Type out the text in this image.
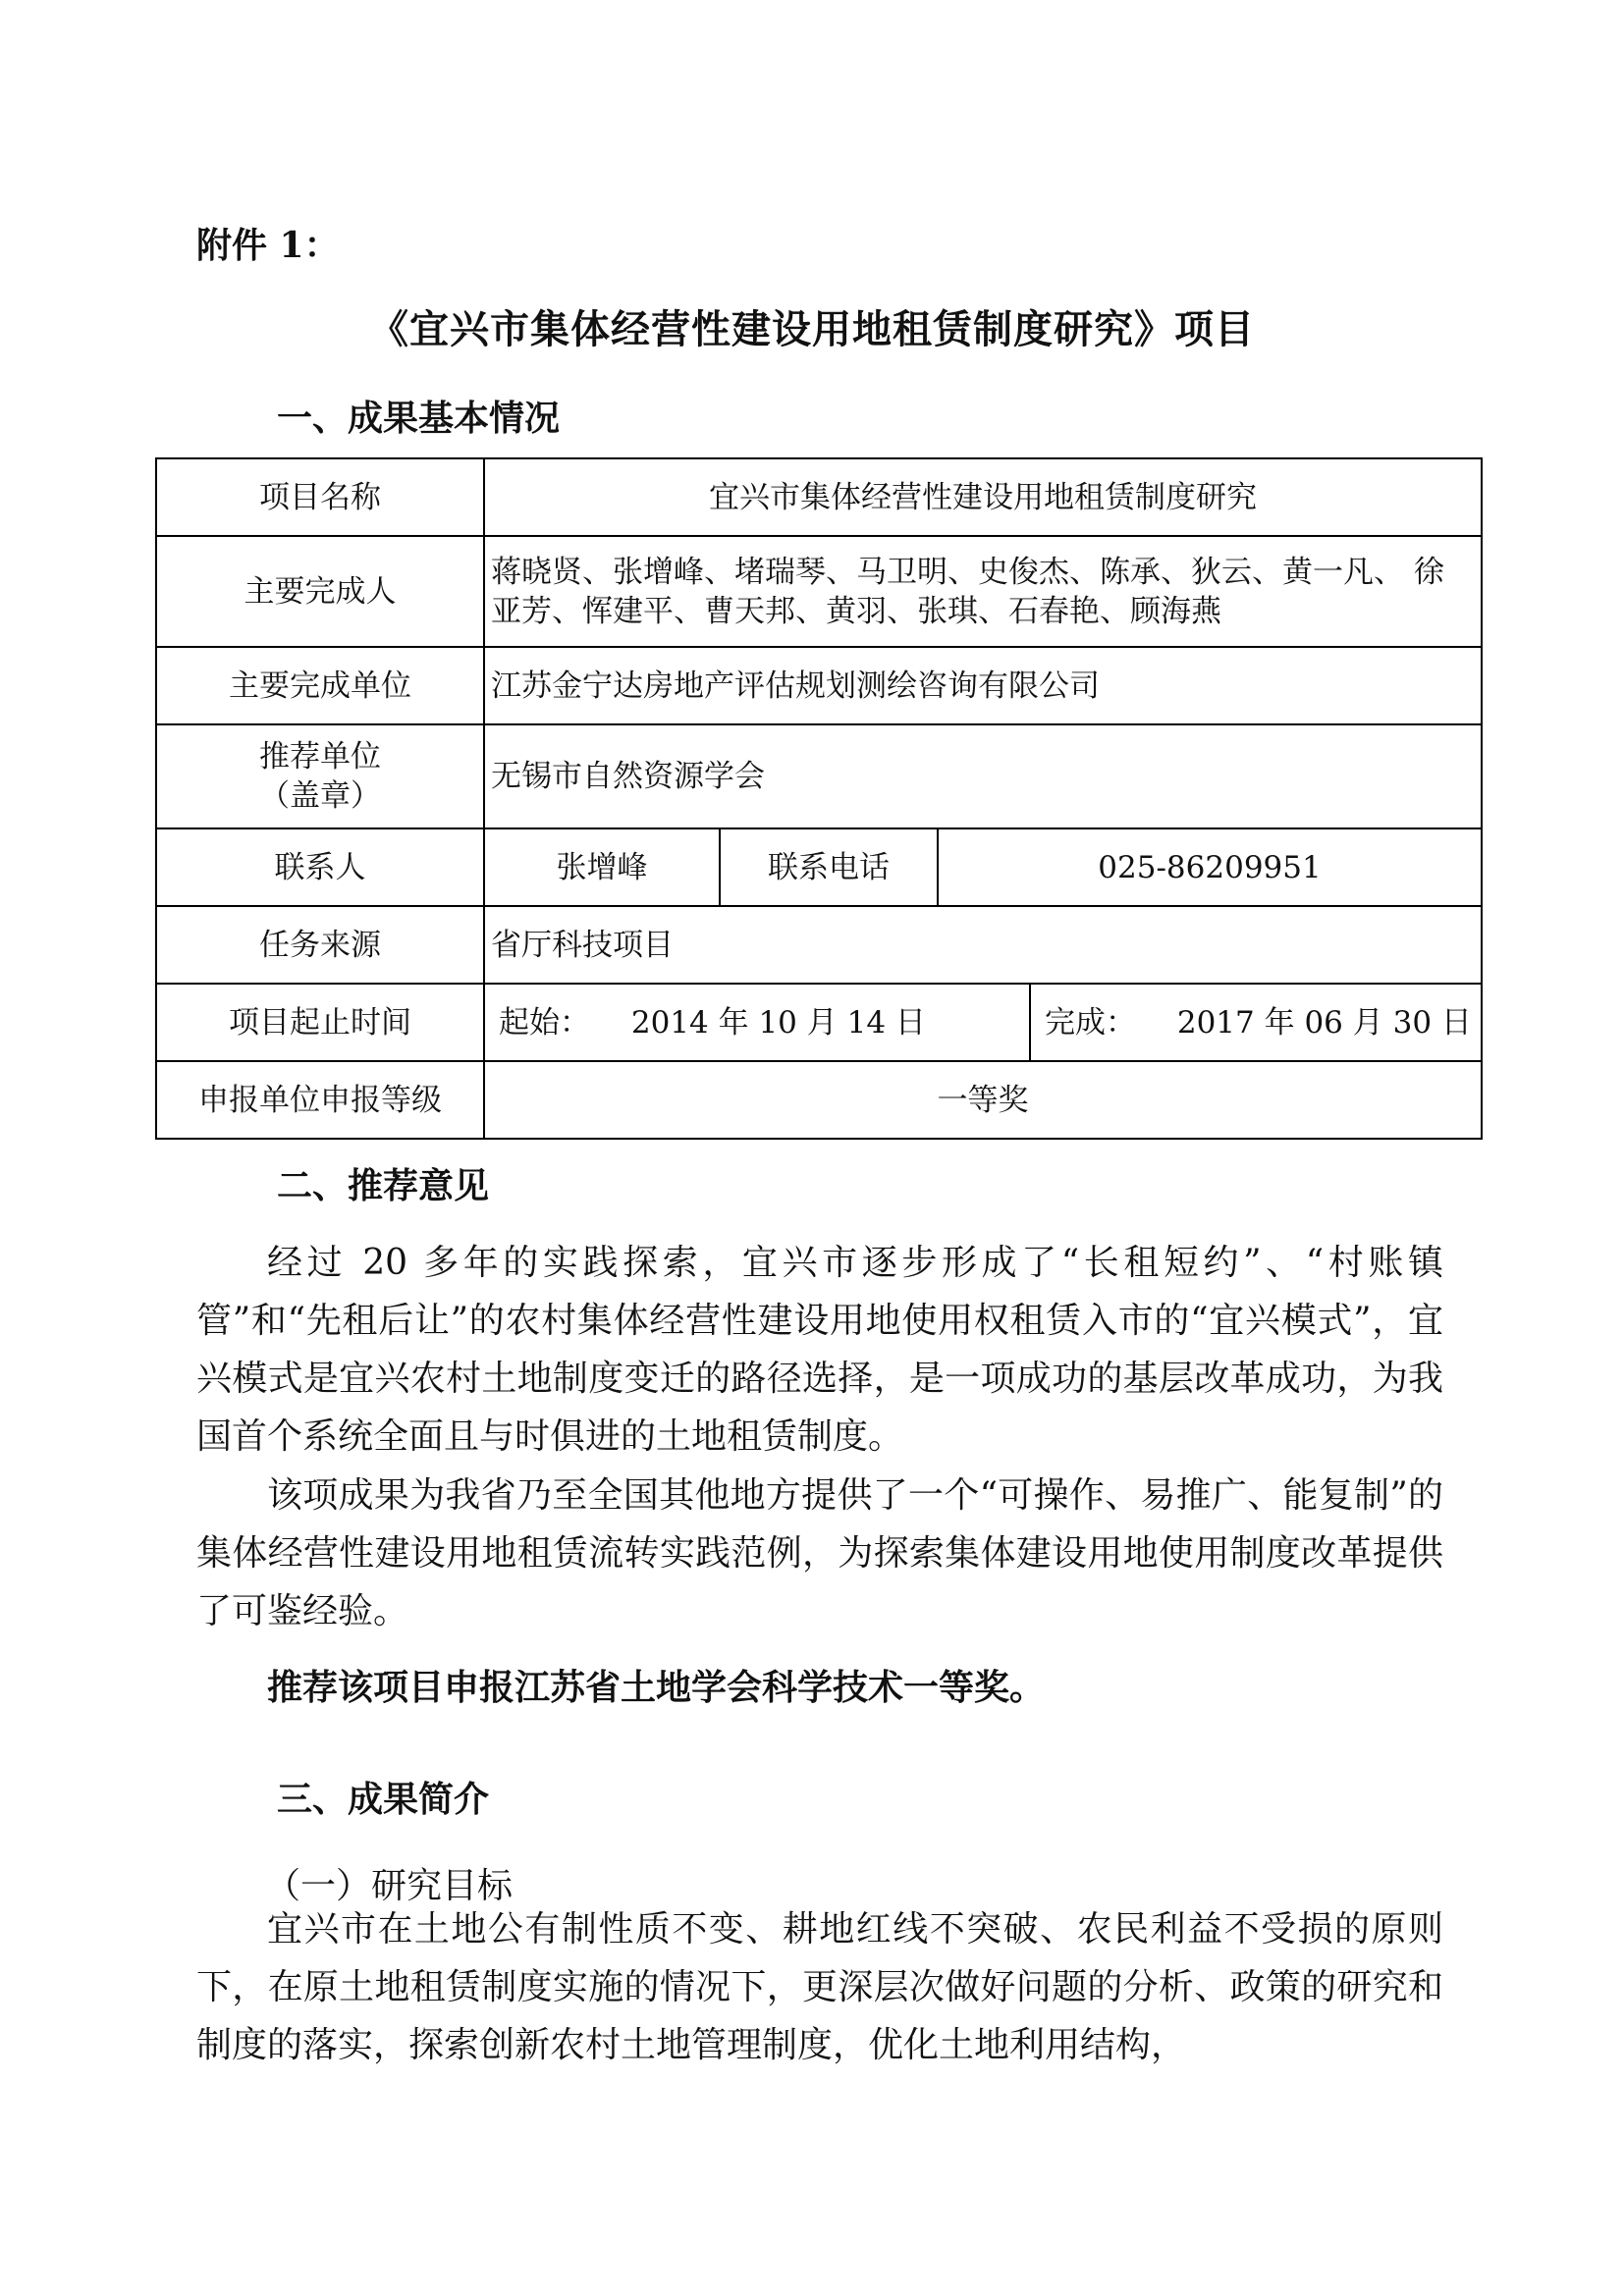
附件 1：
《宜兴市集体经营性建设用地租赁制度研究》项目
一、成果基本情况
项目名称	宜兴市集体经营性建设用地租赁制度研究			
主要完成人	蒋晓贤、张增峰、堵瑞琴、马卫明、史俊杰、陈承、狄云、黄一凡、 徐
亚芳、恽建平、曹天邦、黄羽、张琪、石春艳、顾海燕			

主要完成单位	江苏金宁达房地产评估规划测绘咨询有限公司			

推荐单位
（盖章）	无锡市自然资源学会			
联系人	张增峰	联系电话	025-86209951	
任务来源	省厅科技项目			
项目起止时间	起始： 2014 年 10 月 14 日			完成： 2017 年 06 月 30 日
申报单位申报等级	一等奖			
二、推荐意见
经过 20 多年的实践探索，宜兴市逐步形成了“长租短约”、“村账镇管”和“先租后让”的农村集体经营性建设用地使用权租赁入市的“宜兴模式”，宜兴模式是宜兴农村土地制度变迁的路径选择，是一项成功的基层改革成功，为我国首个系统全面且与时俱进的土地租赁制度。
该项成果为我省乃至全国其他地方提供了一个“可操作、易推广、能复制”的集体经营性建设用地租赁流转实践范例，为探索集体建设用地使用制度改革提供了可鉴经验。
推荐该项目申报江苏省土地学会科学技术一等奖。
三、成果简介
（一）研究目标
宜兴市在土地公有制性质不变、耕地红线不突破、农民利益不受损的原则下，在原土地租赁制度实施的情况下，更深层次做好问题的分析、政策的研究和制度的落实，探索创新农村土地管理制度，优化土地利用结构，
